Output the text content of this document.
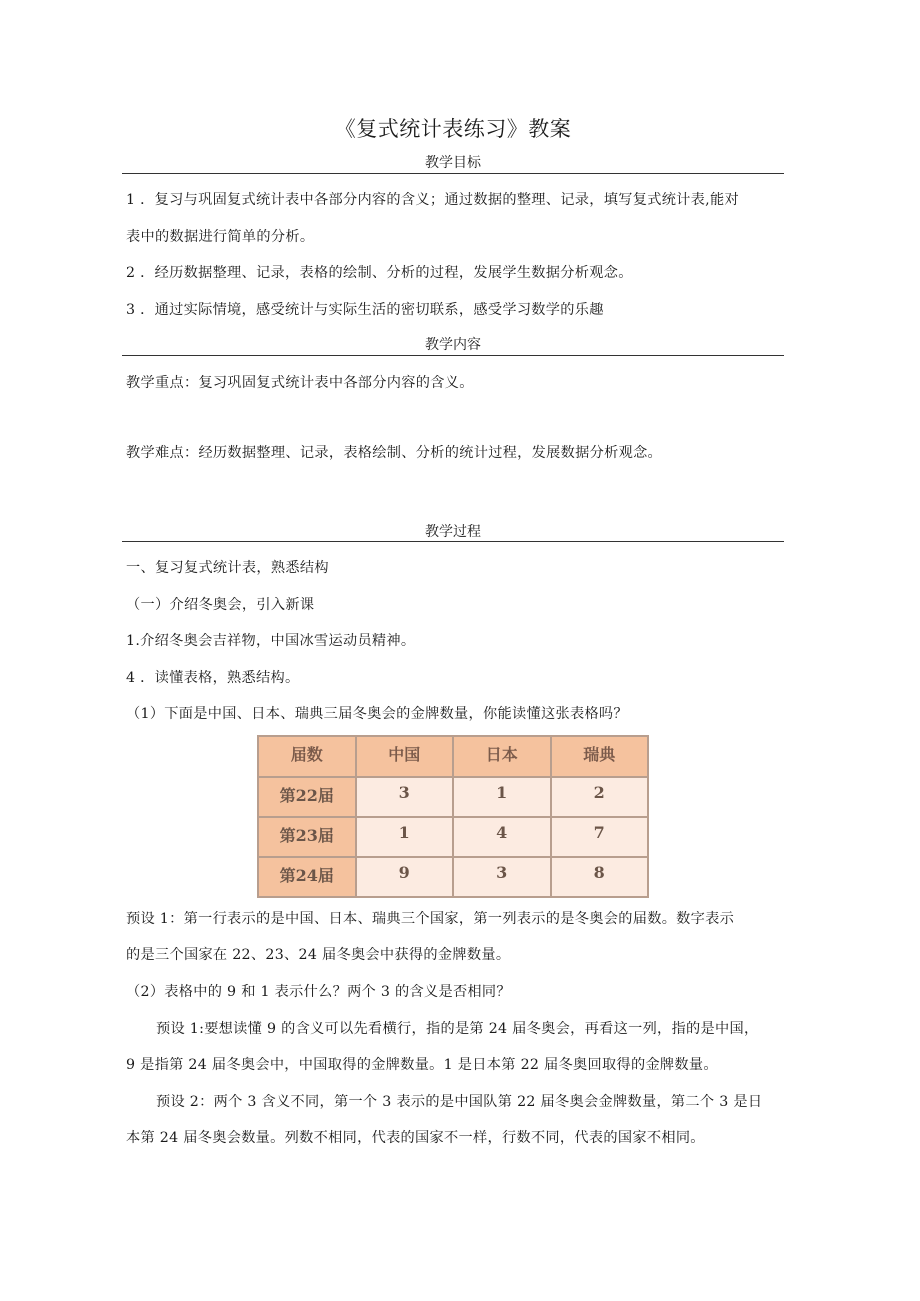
《复式统计表练习》教案
教学目标
1 ．复习与巩固复式统计表中各部分内容的含义；通过数据的整理、记录，填写复式统计表,能对
表中的数据进行简单的分析。
2 ．经历数据整理、记录，表格的绘制、分析的过程，发展学生数据分析观念。
3 ．通过实际情境，感受统计与实际生活的密切联系，感受学习数学的乐趣
教学内容
教学重点：复习巩固复式统计表中各部分内容的含义。
教学难点：经历数据整理、记录，表格绘制、分析的统计过程，发展数据分析观念。
教学过程
一、复习复式统计表，熟悉结构
（一）介绍冬奥会，引入新课
1.介绍冬奥会吉祥物，中国冰雪运动员精神。
4 ．读懂表格，熟悉结构。
（1）下面是中国、日本、瑞典三届冬奥会的金牌数量，你能读懂这张表格吗？
届数	中国	日本	瑞典
第22届	3	1	2
第23届	1	4	7
第24届	9	3	8
预设 1：第一行表示的是中国、日本、瑞典三个国家，第一列表示的是冬奥会的届数。数字表示
的是三个国家在 22、23、24 届冬奥会中获得的金牌数量。
（2）表格中的 9 和 1 表示什么？两个 3 的含义是否相同？
预设 1:要想读懂 9 的含义可以先看横行，指的是第 24 届冬奥会，再看这一列，指的是中国，
9 是指第 24 届冬奥会中，中国取得的金牌数量。1 是日本第 22 届冬奥回取得的金牌数量。
预设 2：两个 3 含义不同，第一个 3 表示的是中国队第 22 届冬奥会金牌数量，第二个 3 是日
本第 24 届冬奥会数量。列数不相同，代表的国家不一样，行数不同，代表的国家不相同。
